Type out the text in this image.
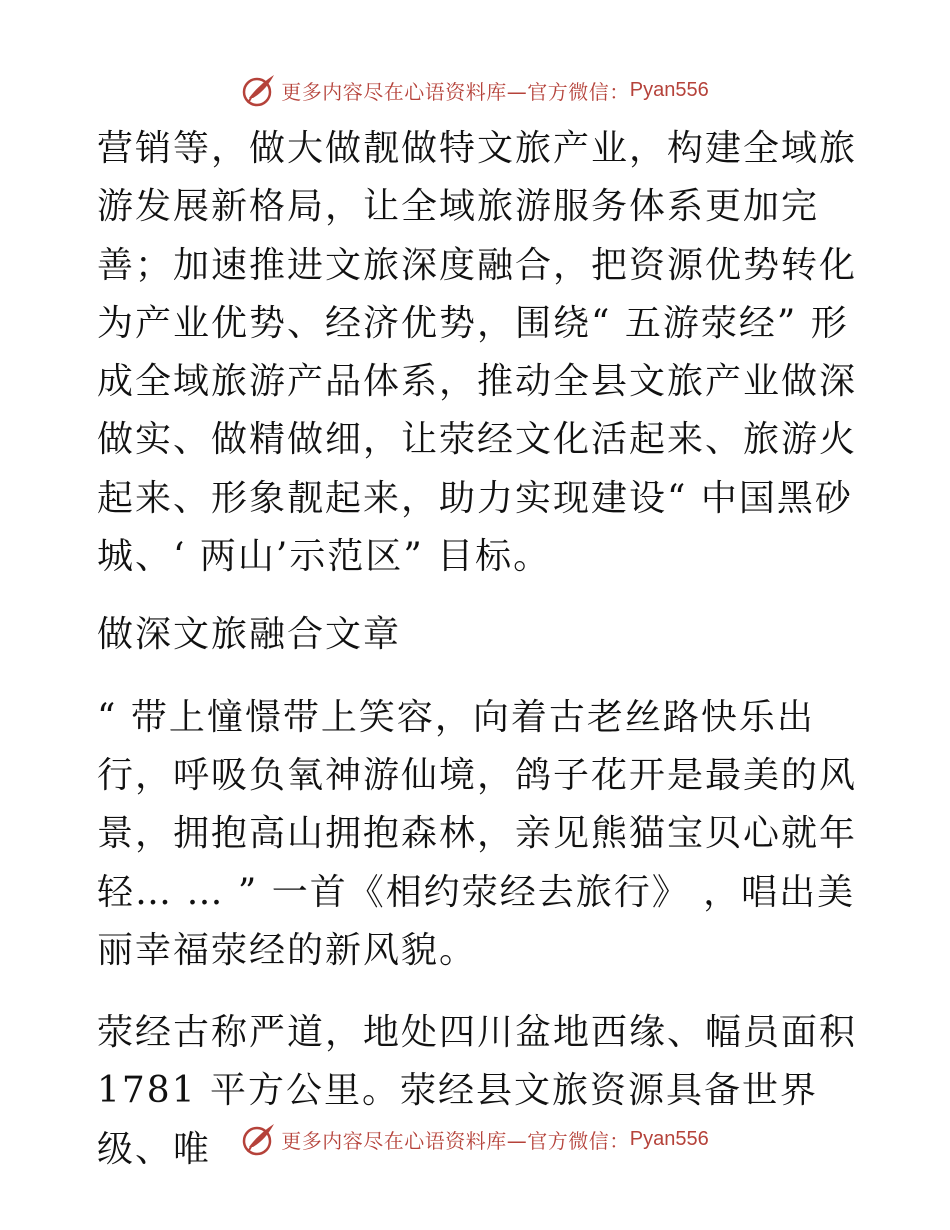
更多内容尽在心语资料库—官方微信： Pyan556

营销等，做大做靓做特文旅产业，构建全域旅游发展新格局，让全域旅游服务体系更加完善；加速推进文旅深度融合，把资源优势转化为产业优势、经济优势，围绕“ 五游荥经” 形成全域旅游产品体系，推动全县文旅产业做深做实、做精做细，让荥经文化活起来、旅游火起来、形象靓起来，助力实现建设“ 中国黑砂城、‘ 两山’示范区” 目标。

做深文旅融合文章

“ 带上憧憬带上笑容，向着古老丝路快乐出行，呼吸负氧神游仙境，鸽子花开是最美的风景，拥抱高山拥抱森林，亲见熊猫宝贝心就年轻… … ” 一首《相约荥经去旅行》 ，唱出美丽幸福荥经的新风貌。

荥经古称严道，地处四川盆地西缘、幅员面积 1781 平方公里。荥经县文旅资源具备世界级、唯	更多内容尽在心语资料库—官方微信： Pyan556
